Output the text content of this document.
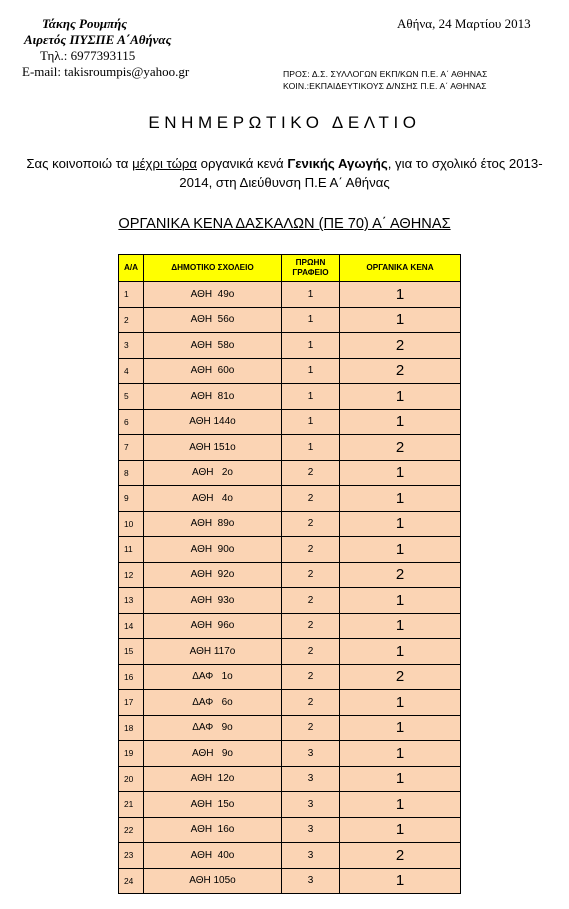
Τάκης Ρουμπής
Αιρετός ΠΥΣΠΕ Α΄Αθήνας
Τηλ.: 6977393115
E-mail: takisroumpis@yahoo.gr
Αθήνα, 24 Μαρτίου 2013
ΠΡΟΣ: Δ.Σ. ΣΥΛΛΟΓΩΝ ΕΚΠ/ΚΩΝ Π.Ε. Α΄ ΑΘΗΝΑΣ
ΚΟΙΝ.:ΕΚΠΑΙΔΕΥΤΙΚΟΥΣ Δ/ΝΣΗΣ Π.Ε. Α΄ ΑΘΗΝΑΣ
ΕΝΗΜΕΡΩΤΙΚΟ ΔΕΛΤΙΟ
Σας κοινοποιώ τα μέχρι τώρα οργανικά κενά Γενικής Αγωγής, για το σχολικό έτος 2013-2014, στη Διεύθυνση Π.Ε Α΄ Αθήνας
ΟΡΓΑΝΙΚΑ ΚΕΝΑ ΔΑΣΚΑΛΩΝ (ΠΕ 70) Α΄ ΑΘΗΝΑΣ
Α/Α	ΔΗΜΟΤΙΚΟ ΣΧΟΛΕΙΟ	ΠΡΩΗΝ ΓΡΑΦΕΙΟ	ΟΡΓΑΝΙΚΑ ΚΕΝΑ
1	ΑΘΗ  49ο	1	1
2	ΑΘΗ  56ο	1	1
3	ΑΘΗ  58ο	1	2
4	ΑΘΗ  60ο	1	2
5	ΑΘΗ  81ο	1	1
6	ΑΘΗ 144ο	1	1
7	ΑΘΗ 151ο	1	2
8	ΑΘΗ   2ο	2	1
9	ΑΘΗ   4ο	2	1
10	ΑΘΗ  89ο	2	1
11	ΑΘΗ  90ο	2	1
12	ΑΘΗ  92ο	2	2
13	ΑΘΗ  93ο	2	1
14	ΑΘΗ  96ο	2	1
15	ΑΘΗ 117ο	2	1
16	ΔΑΦ   1ο	2	2
17	ΔΑΦ   6ο	2	1
18	ΔΑΦ   9ο	2	1
19	ΑΘΗ   9ο	3	1
20	ΑΘΗ  12ο	3	1
21	ΑΘΗ  15ο	3	1
22	ΑΘΗ  16ο	3	1
23	ΑΘΗ  40ο	3	2
24	ΑΘΗ 105ο	3	1
